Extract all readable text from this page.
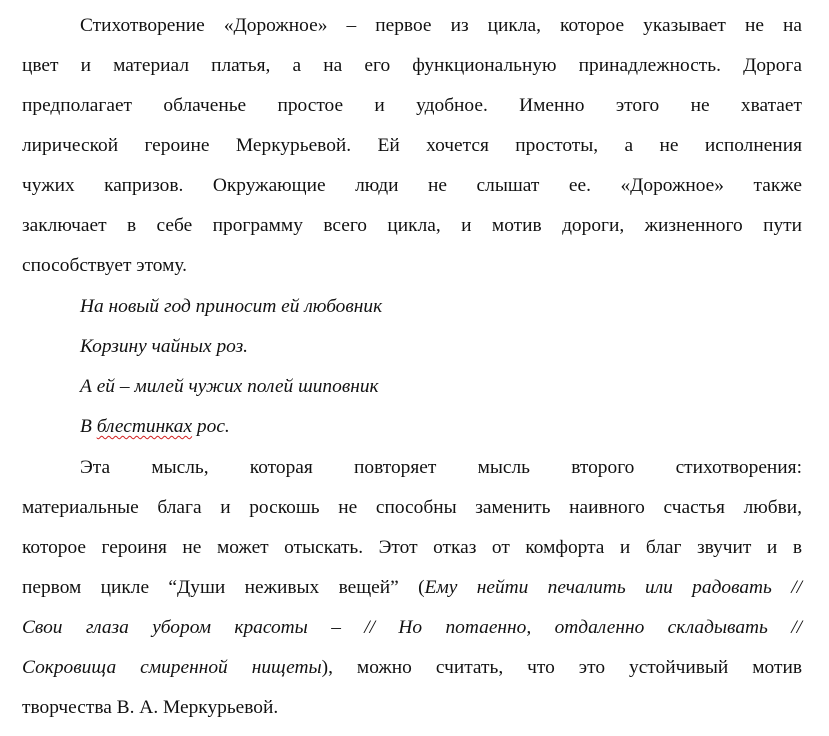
Стихотворение «Дорожное» – первое из цикла, которое указывает не на
цвет и материал платья, а на его функциональную принадлежность. Дорога
предполагает облаченье простое и удобное. Именно этого не хватает
лирической героине Меркурьевой. Ей хочется простоты, а не исполнения
чужих капризов. Окружающие люди не слышат ее. «Дорожное» также
заключает в себе программу всего цикла, и мотив дороги, жизненного пути
способствует этому.
На новый год приносит ей любовник
Корзину чайных роз.
А ей – милей чужих полей шиповник
В блестинках рос.
Эта мысль, которая повторяет мысль второго стихотворения:
материальные блага и роскошь не способны заменить наивного счастья любви,
которое героиня не может отыскать. Этот отказ от комфорта и благ звучит и в
первом цикле “Души неживых вещей” (Ему нейти печалить или радовать //
Свои глаза убором красоты – // Но потаенно, отдаленно складывать //
Сокровища смиренной нищеты), можно считать, что это устойчивый мотив
творчества В. А. Меркурьевой.
